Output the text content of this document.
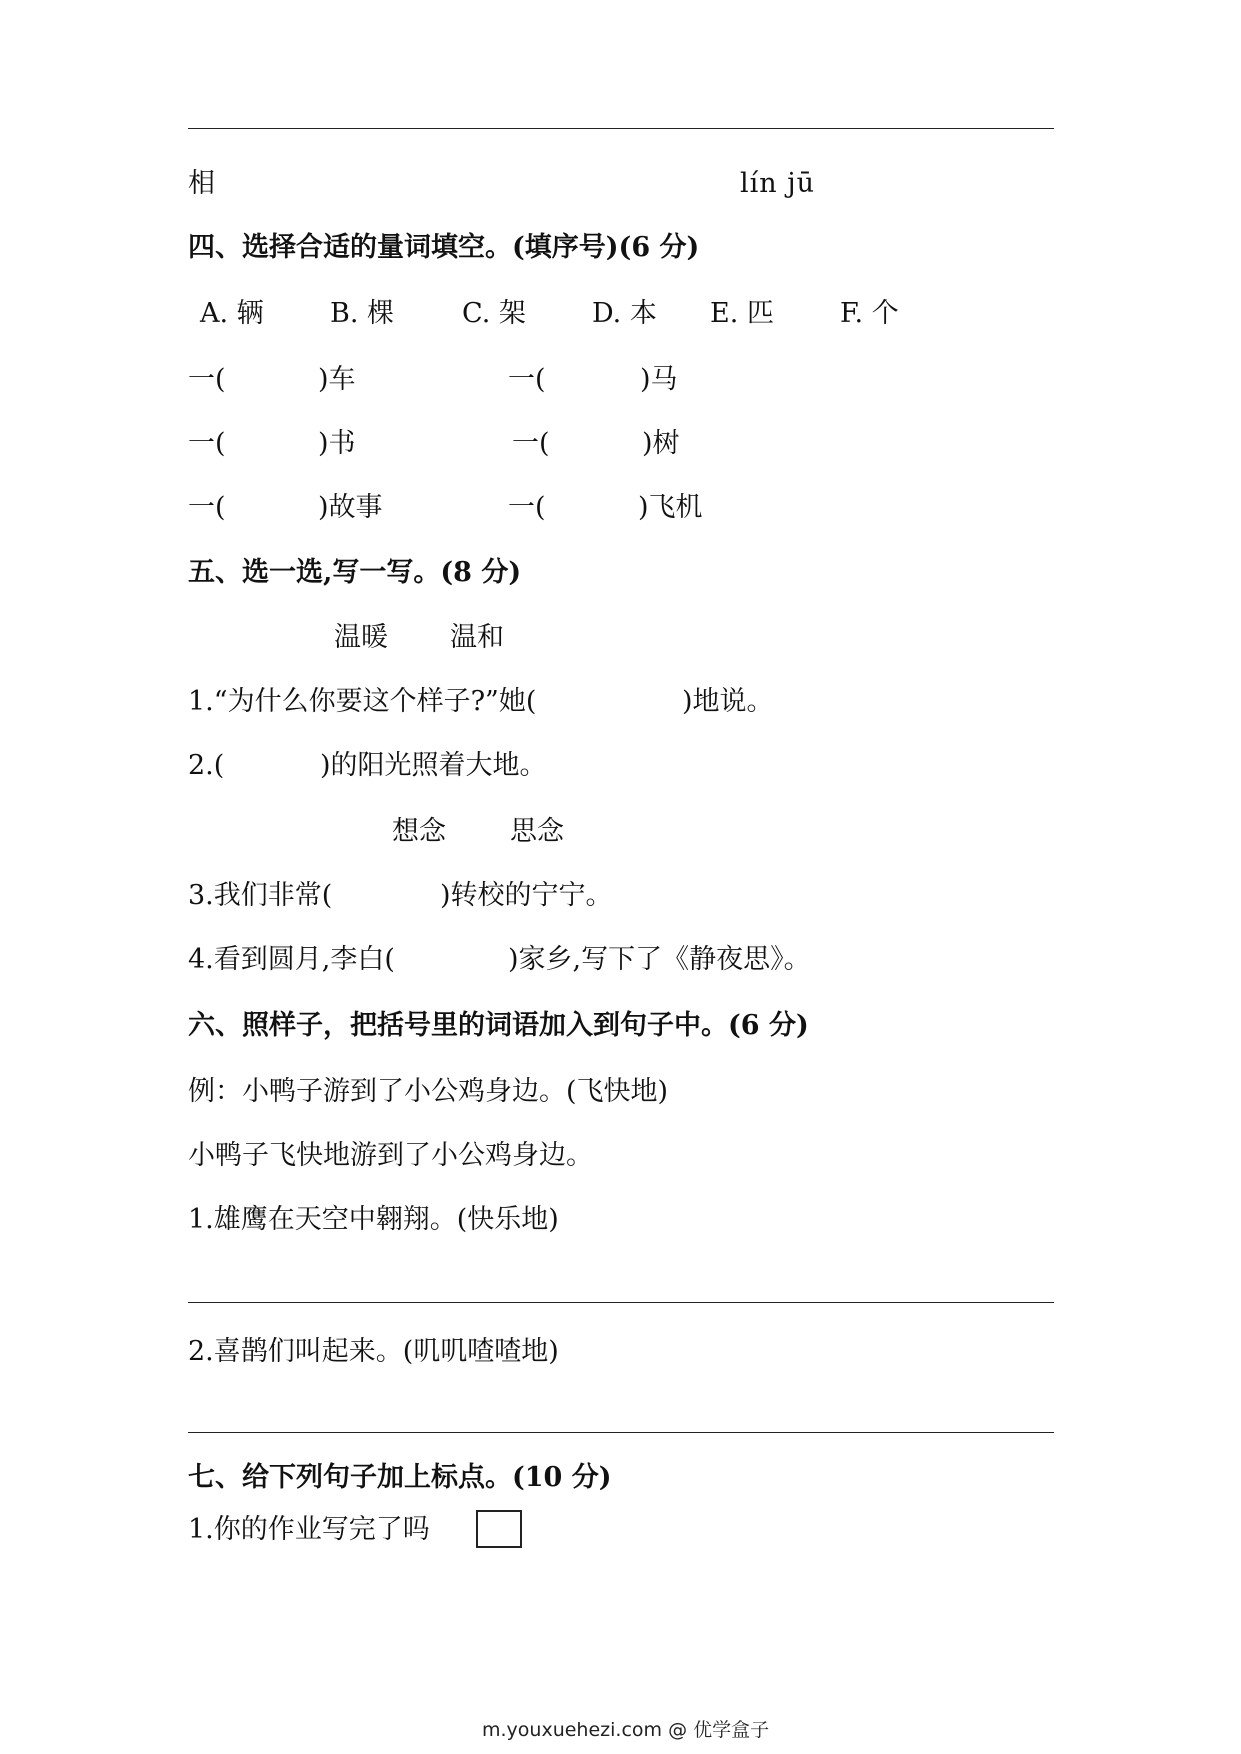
相	lín jū
四、选择合适的量词填空。(填序号)(6 分)
A. 辆 B. 棵	C. 架 D. 本 E. 匹 F. 个
一(	)车	一(	)马
一(	)书	一(	)树
一(	)故事	一(	)飞机
五、选一选,写一写。(8 分)
温暖 温和
1.“为什么你要这个样子?”她(	)地说。
2.(	)的阳光照着大地。
想念 思念
3.我们非常(	)转校的宁宁。
4.看到圆月,李白(	)家乡,写下了《静夜思》。
六、照样子，把括号里的词语加入到句子中。(6 分)
例：小鸭子游到了小公鸡身边。(飞快地)
小鸭子飞快地游到了小公鸡身边。
1.雄鹰在天空中翱翔。(快乐地)
2.喜鹊们叫起来。(叽叽喳喳地)
七、给下列句子加上标点。(10 分)
1.你的作业写完了吗
m.youxuehezi.com @ 优学盒子
